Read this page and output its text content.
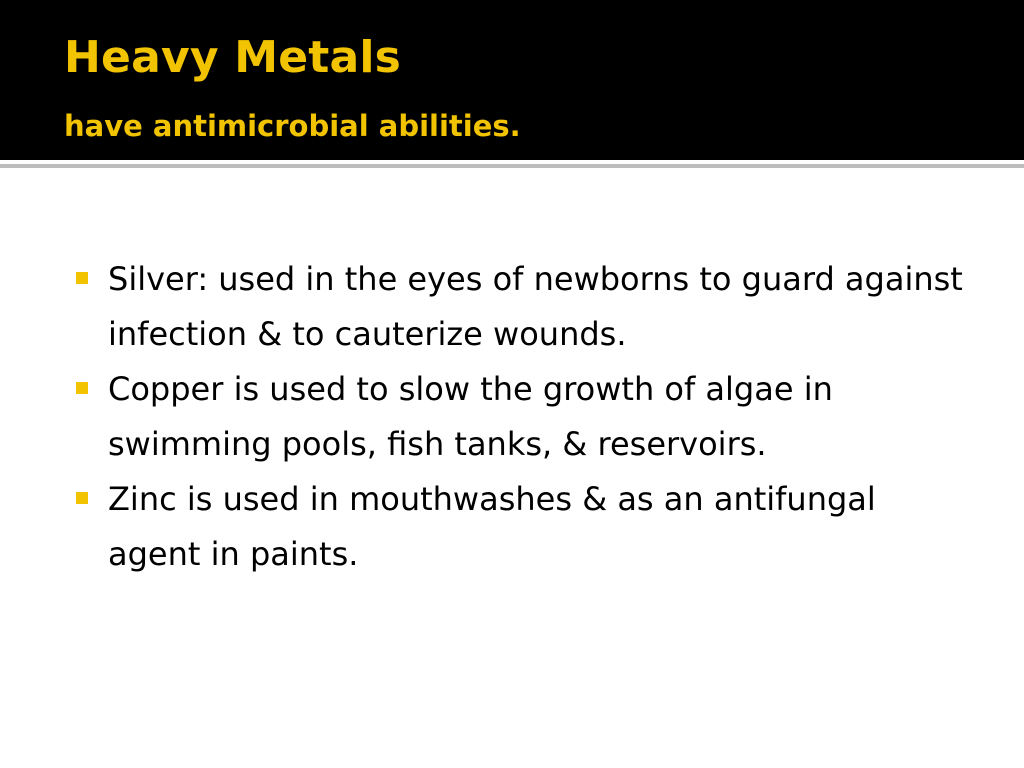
Heavy Metals
have antimicrobial abilities.
Silver: used in the eyes of newborns to guard against infection & to cauterize wounds.
Copper is used to slow the growth of algae in swimming pools, fish tanks, & reservoirs.
Zinc is used in mouthwashes & as an antifungal agent in paints.
